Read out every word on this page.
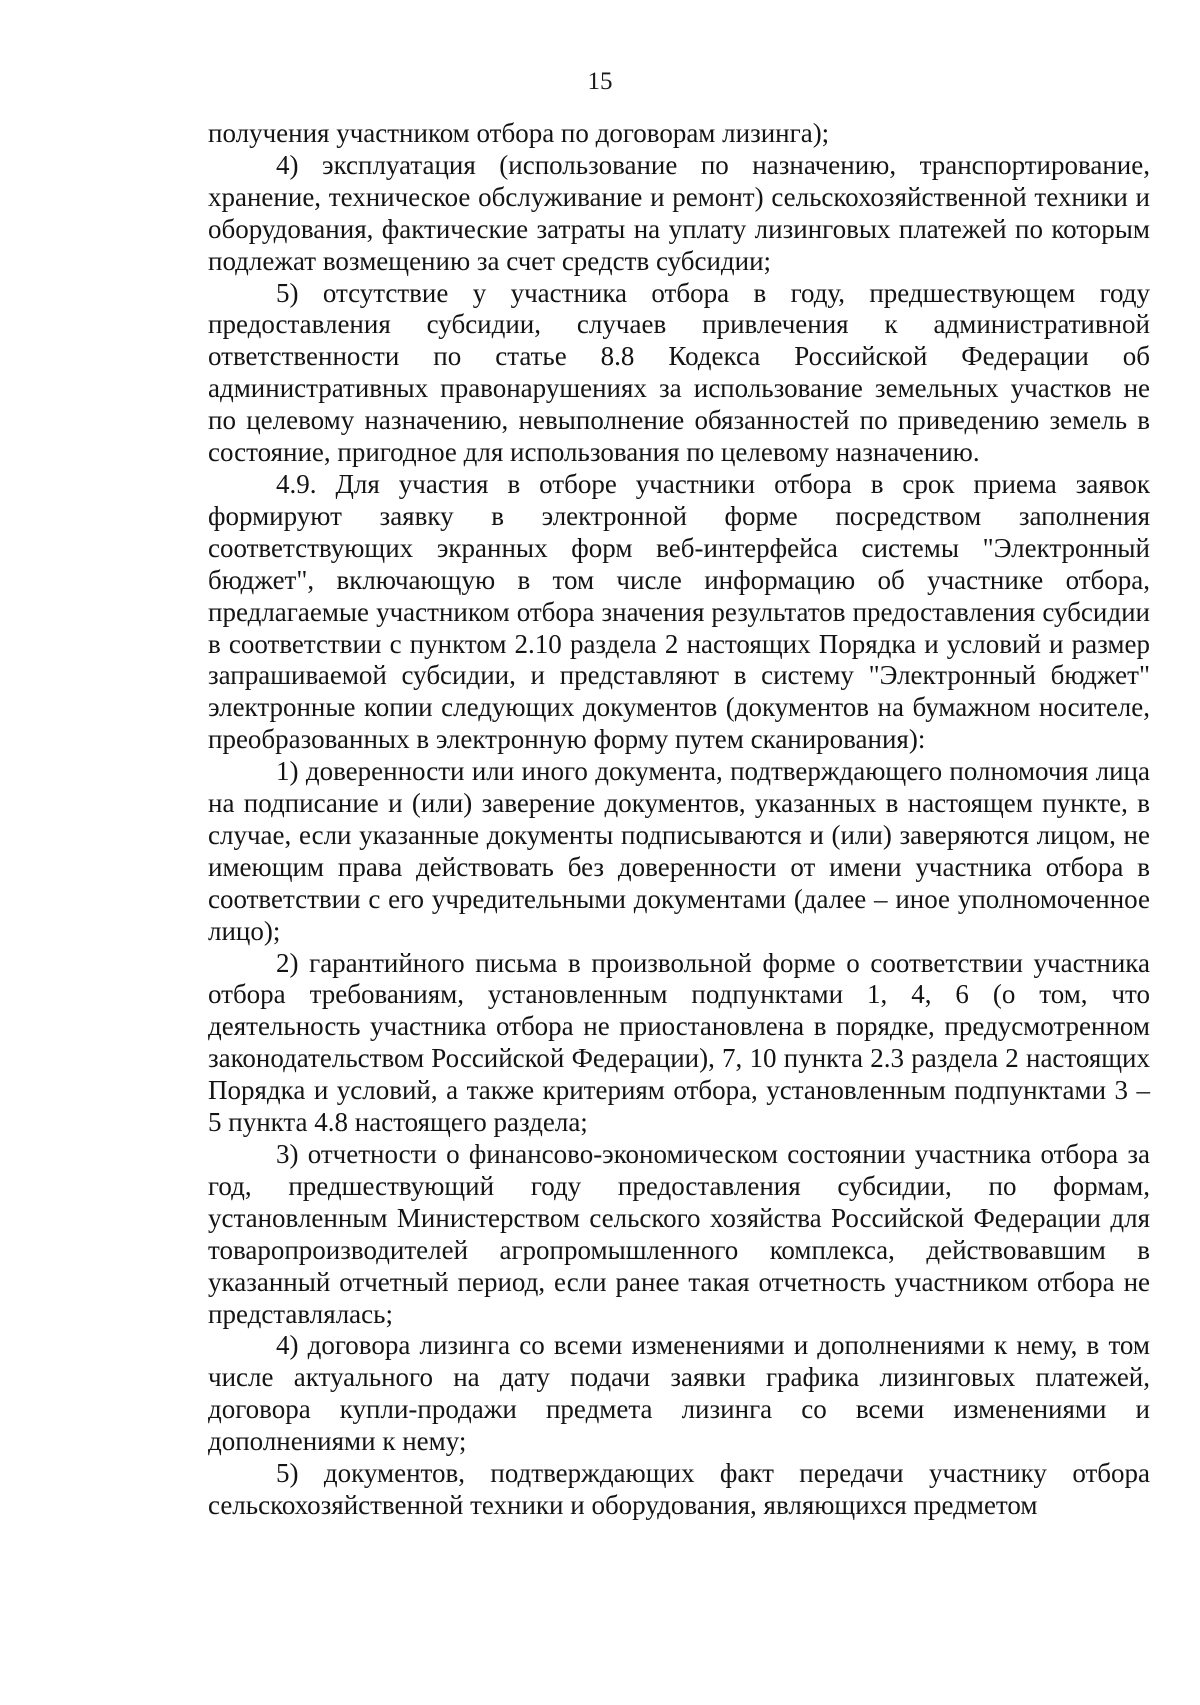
15

получения участником отбора по договорам лизинга);

4) эксплуатация (использование по назначению, транспортирование, хранение, техническое обслуживание и ремонт) сельскохозяйственной техники и оборудования, фактические затраты на уплату лизинговых платежей по которым подлежат возмещению за счет средств субсидии;

5) отсутствие у участника отбора в году, предшествующем году предоставления субсидии, случаев привлечения к административной ответственности по статье 8.8 Кодекса Российской Федерации об административных правонарушениях за использование земельных участков не по целевому назначению, невыполнение обязанностей по приведению земель в состояние, пригодное для использования по целевому назначению.

4.9. Для участия в отборе участники отбора в срок приема заявок формируют заявку в электронной форме посредством заполнения соответствующих экранных форм веб-интерфейса системы "Электронный бюджет", включающую в том числе информацию об участнике отбора, предлагаемые участником отбора значения результатов предоставления субсидии в соответствии с пунктом 2.10 раздела 2 настоящих Порядка и условий и размер запрашиваемой субсидии, и представляют в систему "Электронный бюджет" электронные копии следующих документов (документов на бумажном носителе, преобразованных в электронную форму путем сканирования):

1) доверенности или иного документа, подтверждающего полномочия лица на подписание и (или) заверение документов, указанных в настоящем пункте, в случае, если указанные документы подписываются и (или) заверяются лицом, не имеющим права действовать без доверенности от имени участника отбора в соответствии с его учредительными документами (далее – иное уполномоченное лицо);

2) гарантийного письма в произвольной форме о соответствии участника отбора требованиям, установленным подпунктами 1, 4, 6 (о том, что деятельность участника отбора не приостановлена в порядке, предусмотренном законодательством Российской Федерации), 7, 10 пункта 2.3 раздела 2 настоящих Порядка и условий, а также критериям отбора, установленным подпунктами 3 – 5 пункта 4.8 настоящего раздела;

3) отчетности о финансово-экономическом состоянии участника отбора за год, предшествующий году предоставления субсидии, по формам, установленным Министерством сельского хозяйства Российской Федерации для товаропроизводителей агропромышленного комплекса, действовавшим в указанный отчетный период, если ранее такая отчетность участником отбора не представлялась;

4) договора лизинга со всеми изменениями и дополнениями к нему, в том числе актуального на дату подачи заявки графика лизинговых платежей, договора купли-продажи предмета лизинга со всеми изменениями и дополнениями к нему;

5) документов, подтверждающих факт передачи участнику отбора сельскохозяйственной техники и оборудования, являющихся предметом
